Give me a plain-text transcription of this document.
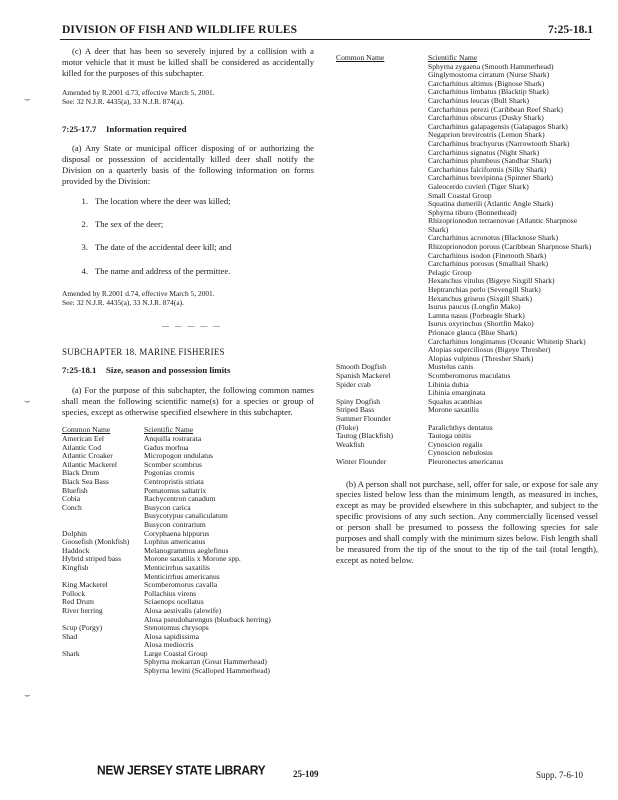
DIVISION OF FISH AND WILDLIFE RULES	7:25-18.1

(c) A deer that has been so severely injured by a collision with a motor vehicle that it must be killed shall be considered as accidentally killed for the purposes of this subchapter.

Amended by R.2001 d.73, effective March 5, 2001.
See: 32 N.J.R. 4435(a), 33 N.J.R. 874(a).
7:25-17.7 Information required

(a) Any State or municipal officer disposing of or authorizing the disposal or possession of accidentally killed deer shall notify the Division on a quarterly basis of the following information on forms provided by the Division:

1. The location where the deer was killed;
2. The sex of the deer;
3. The date of the accidental deer kill; and
4. The name and address of the permittee.
Amended by R.2001 d.74, effective March 5, 2001.
See: 32 N.J.R. 4435(a), 33 N.J.R. 874(a).
— — — — —
SUBCHAPTER 18. MARINE FISHERIES
7:25-18.1 Size, season and possession limits

(a) For the purpose of this subchapter, the following common names shall mean the following scientific name(s) for a species or group of species, except as otherwise specified elsewhere in this subchapter.

Common Name	Scientific Name
American Eel	Anquilla rostrarata
Atlantic Cod	Gadus morhua
Atlantic Croaker	Micropogon undulatus
Atlantic Mackerel	Scomber scombrus
Black Drum	Pogonias cromis
Black Sea Bass	Centropristis striata
Bluefish	Pomatomus saltatrix
Cobia	Rachycentron canadum
Conch	Busycon carica
	Busycotypus canaliculatum
	Busycon contrarium
Dolphin	Coryphaena hippurus
Goosefish (Monkfish)	Lophius americanus
Haddock	Melanogrammus aeglefinus
Hybrid striped bass	Morone saxatilis x Morone spp.
Kingfish	Menticirrhus saxatilis
	Menticirrhus americanus
King Mackerel	Scomberomorus cavalla
Pollock	Pollachius virens
Red Drum	Sciaenops ocellatus
River herring	Alosa aestivalis (alewife)
	Alosa pseudoharengus (blueback herring)
Scup (Porgy)	Stenotomus chrysops
Shad	Alosa sapidissima
	Alosa mediocris
Shark	Large Coastal Group
	Sphyrna mokarran (Great Hammerhead)
	Sphyrna lewini (Scalloped Hammerhead)
Common Name	Scientific Name
	Sphyrna zygaena (Smooth Hammerhead)
	Ginglymostoma cirratum (Nurse Shark)
	Carcharhinus altimus (Bignose Shark)
	Carcharhinus limbatus (Blacktip Shark)
	Carcharhinus leucas (Bull Shark)
	Carcharhinus perezi (Caribbean Reef Shark)
	Carcharhinus obscurus (Dusky Shark)
	Carcharhinus galapagensis (Galapagos Shark)
	Negaprion brevirostris (Lemon Shark)
	Carcharhinus brachyurus (Narrowtooth Shark)
	Carcharhinus signatus (Night Shark)
	Carcharhinus plumbeus (Sandbar Shark)
	Carcharhinus falciformis (Silky Shark)
	Carcharhinus brevipinna (Spinner Shark)
	Galeocerdo cuvieri (Tiger Shark)
	Small Coastal Group
	Squatina dumerili (Atlantic Angle Shark)
	Sphyrna tiburo (Bonnethead)
	Rhizoprionodon terraenovae (Atlantic Sharpnose Shark)
	Carcharhinus acronotus (Blacknose Shark)
	Rhizoprionodon porous (Caribbean Sharpnose Shark)
	Carcharhinus isodon (Finetooth Shark)
	Carcharhinus porosus (Smalltail Shark)
	Pelagic Group
	Hexanchus vitulus (Bigeye Sixgill Shark)
	Heptranchias perlo (Sevengill Shark)
	Hexanchus griseus (Sixgill Shark)
	Isurus paucus (Longfin Mako)
	Lamna nasus (Porbeagle Shark)
	Isurus oxyrinchus (Shortfin Mako)
	Prionace glauca (Blue Shark)
	Carcharhinus longimanus (Oceanic Whitetip Shark)
	Alopias superciliosus (Bigeye Thresher)
	Alopias vulpinus (Thresher Shark)
Smooth Dogfish	Mustelus canis
Spanish Mackerel	Scomberomorus maculatus
Spider crab	Libinia dubia
	Libinia emarginata
Spiny Dogfish	Squalus acanthias
Striped Bass	Morone saxatilis
Summer Flounder	
(Fluke)	Paralichthys dentatus
Tautog (Blackfish)	Tautoga onitis
Weakfish	Cynoscion regalis
	Cynoscion nebulosus
Winter Flounder	Pleuronectes americanus

(b) A person shall not purchase, sell, offer for sale, or expose for sale any species listed below less than the minimum length, as measured in inches, except as may be provided elsewhere in this subchapter, and subject to the specific provisions of any such section. Any commercially licensed vessel or person shall be presumed to possess the following species for sale purposes and shall comply with the minimum sizes below. Fish length shall be measured from the tip of the snout to the tip of the tail (total length), except as noted below.

⌣
⌣
⌣
NEW JERSEY STATE LIBRARY	25-109	Supp. 7-6-10
